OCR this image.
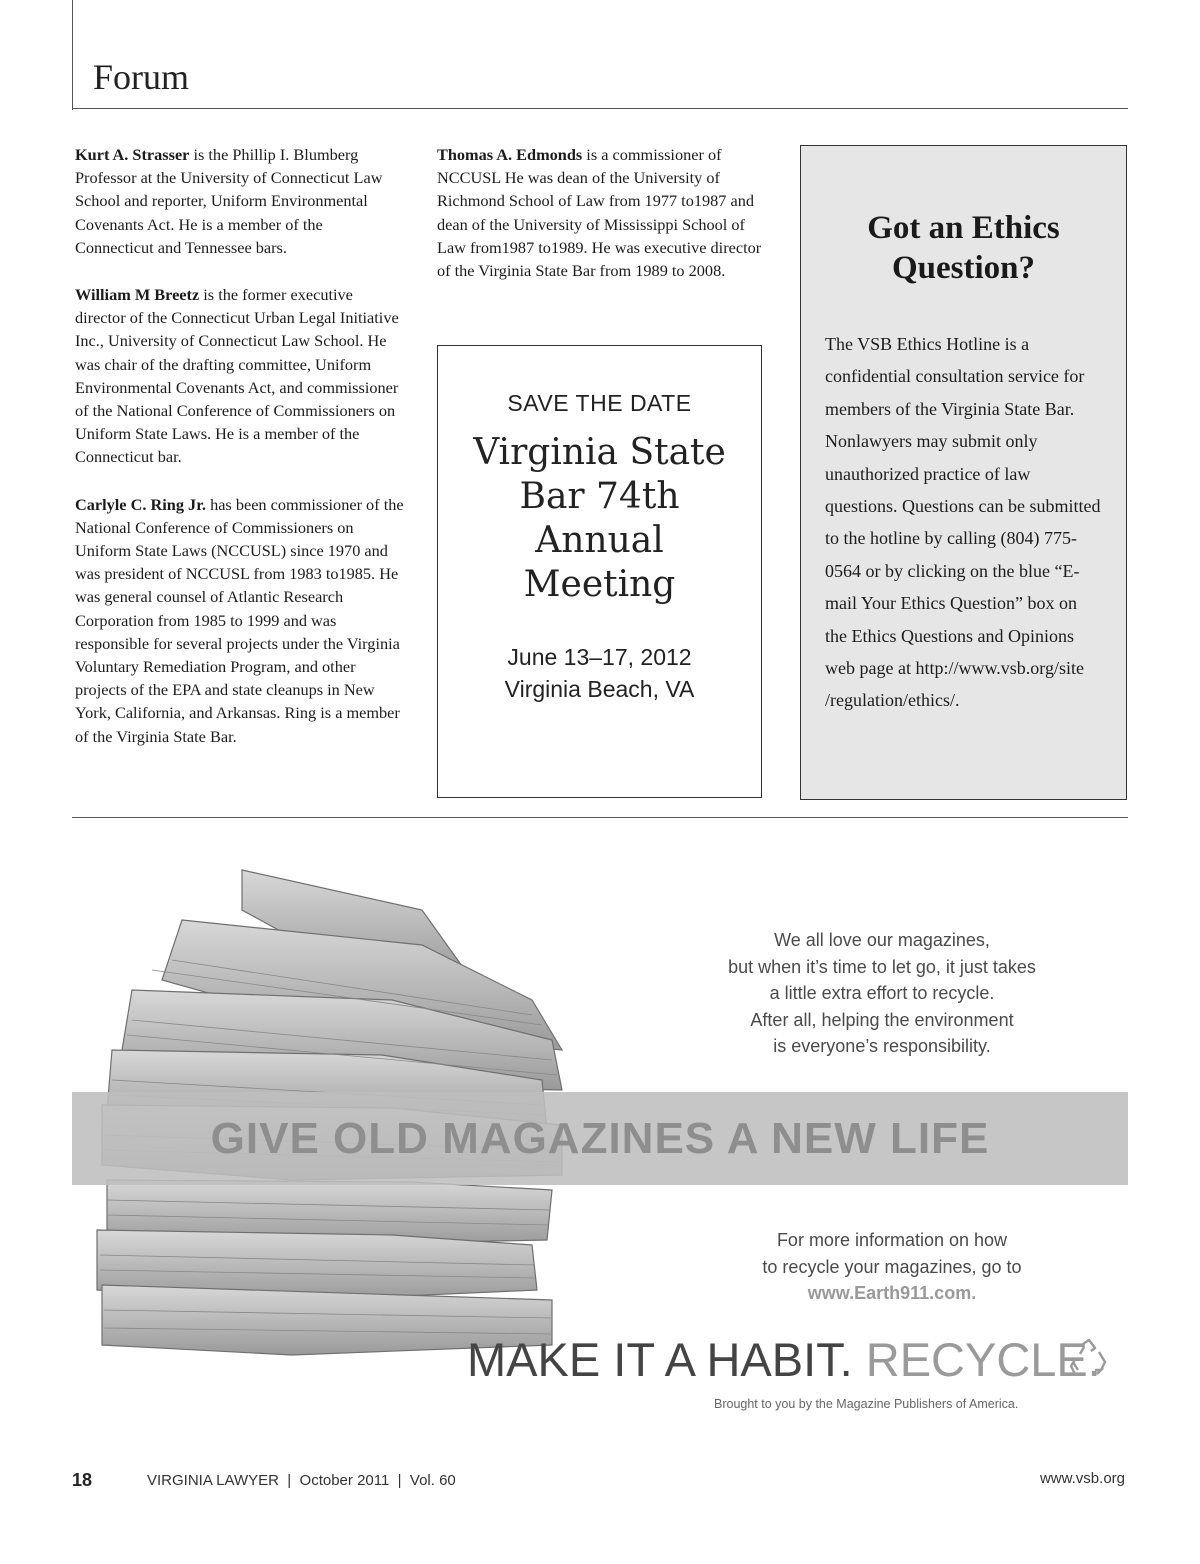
Forum

Kurt A. Strasser is the Phillip I. Blumberg Professor at the University of Connecticut Law School and reporter, Uniform Environmental Covenants Act. He is a member of the Connecticut and Tennessee bars.

William M Breetz is the former executive director of the Connecticut Urban Legal Initiative Inc., University of Connecticut Law School. He was chair of the drafting committee, Uniform Environmental Covenants Act, and commissioner of the National Conference of Commissioners on Uniform State Laws. He is a member of the Connecticut bar.

Carlyle C. Ring Jr. has been commissioner of the National Conference of Commissioners on Uniform State Laws (NCCUSL) since 1970 and was president of NCCUSL from 1983 to1985. He was general counsel of Atlantic Research Corporation from 1985 to 1999 and was responsible for several projects under the Virginia Voluntary Remediation Program, and other projects of the EPA and state cleanups in New York, California, and Arkansas. Ring is a member of the Virginia State Bar.

Thomas A. Edmonds is a commissioner of NCCUSL He was dean of the University of Richmond School of Law from 1977 to1987 and dean of the University of Mississippi School of Law from1987 to1989. He was executive director of the Virginia State Bar from 1989 to 2008.

SAVE THE DATE
Virginia State Bar 74th Annual Meeting
June 13–17, 2012
Virginia Beach, VA
Got an Ethics Question?
The VSB Ethics Hotline is a confidential consultation service for members of the Virginia State Bar. Nonlawyers may submit only unauthorized practice of law questions. Questions can be submitted to the hotline by calling (804) 775-0564 or by clicking on the blue “E-mail Your Ethics Question” box on the Ethics Questions and Opinions web page at http://www.vsb.org/site /regulation/ethics/.
We all love our magazines,
but when it’s time to let go, it just takes
a little extra effort to recycle.
After all, helping the environment
is everyone’s responsibility.
GIVE OLD MAGAZINES A NEW LIFE
For more information on how
to recycle your magazines, go to
www.Earth911.com.
MAKE IT A HABIT. RECYCLE.
Brought to you by the Magazine Publishers of America.
18	VIRGINIA LAWYER  |  October 2011  |  Vol. 60	www.vsb.org
